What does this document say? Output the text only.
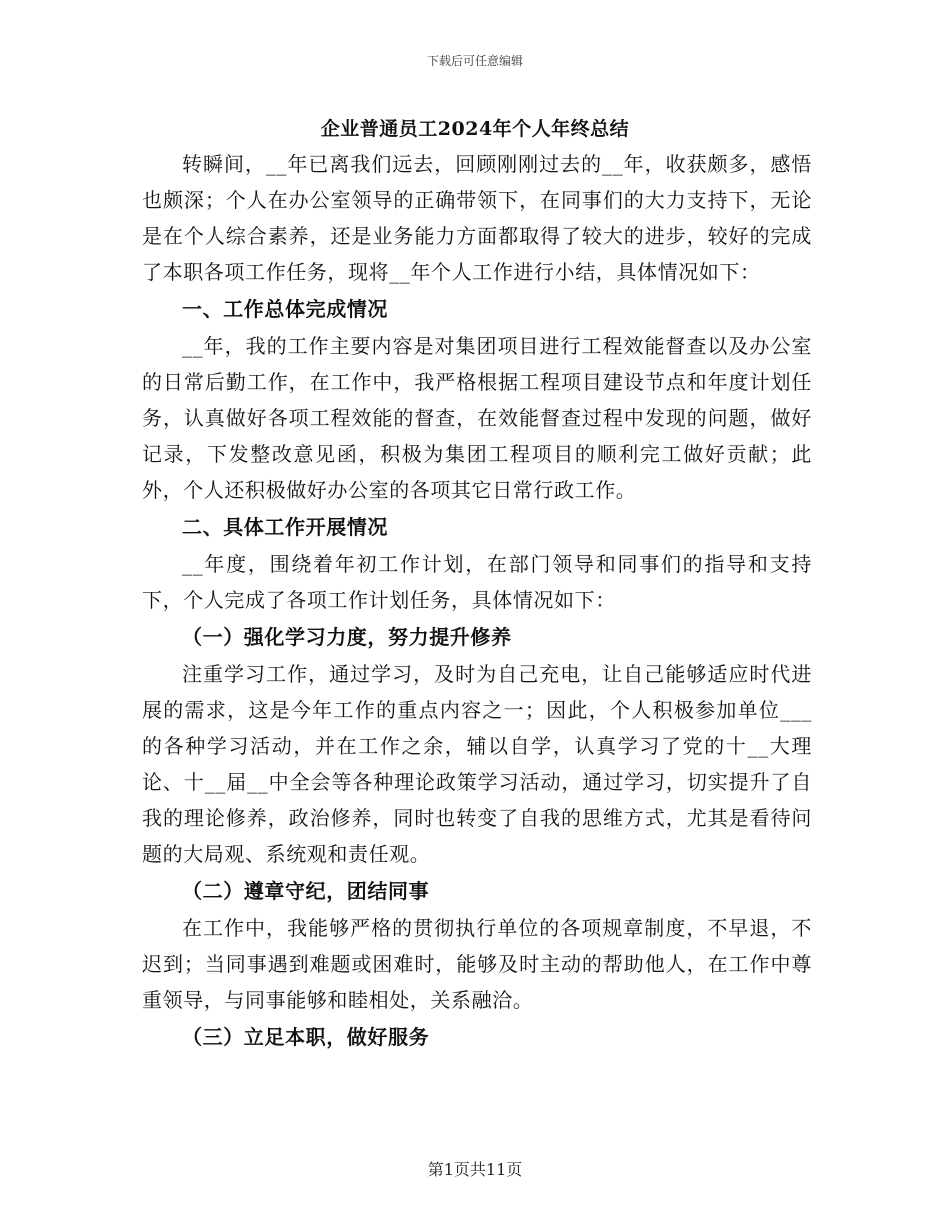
下载后可任意编辑
企业普通员工2024年个人年终总结

转瞬间，__年已离我们远去，回顾刚刚过去的__年，收获颇多，感悟也颇深；个人在办公室领导的正确带领下，在同事们的大力支持下，无论是在个人综合素养，还是业务能力方面都取得了较大的进步，较好的完成了本职各项工作任务，现将__年个人工作进行小结，具体情况如下：

一、工作总体完成情况

__年，我的工作主要内容是对集团项目进行工程效能督查以及办公室的日常后勤工作，在工作中，我严格根据工程项目建设节点和年度计划任务，认真做好各项工程效能的督查，在效能督查过程中发现的问题，做好记录，下发整改意见函，积极为集团工程项目的顺利完工做好贡献；此外，个人还积极做好办公室的各项其它日常行政工作。

二、具体工作开展情况

__年度，围绕着年初工作计划，在部门领导和同事们的指导和支持下，个人完成了各项工作计划任务，具体情况如下：

（一）强化学习力度，努力提升修养

注重学习工作，通过学习，及时为自己充电，让自己能够适应时代进展的需求，这是今年工作的重点内容之一；因此，个人积极参加单位___的各种学习活动，并在工作之余，辅以自学，认真学习了党的十__大理论、十__届__中全会等各种理论政策学习活动，通过学习，切实提升了自我的理论修养，政治修养，同时也转变了自我的思维方式，尤其是看待问题的大局观、系统观和责任观。

（二）遵章守纪，团结同事

在工作中，我能够严格的贯彻执行单位的各项规章制度，不早退，不迟到；当同事遇到难题或困难时，能够及时主动的帮助他人，在工作中尊重领导，与同事能够和睦相处，关系融洽。

（三）立足本职，做好服务

第1页共11页
